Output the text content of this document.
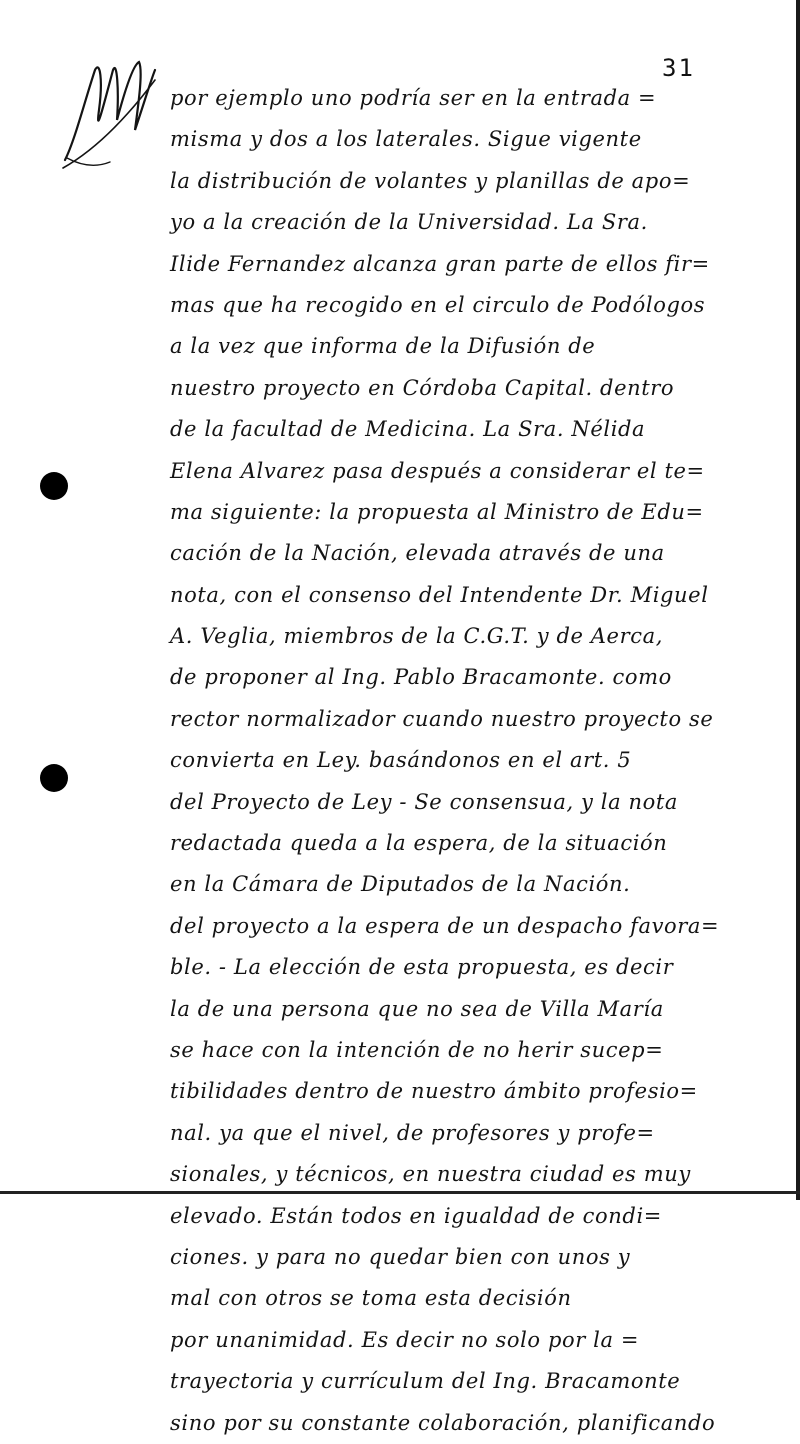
31
por ejemplo uno podría ser en la entrada =
misma y dos a los laterales. Sigue vigente
la distribución de volantes y planillas de apo=
yo a la creación de la Universidad. La Sra.
Ilide Fernandez alcanza gran parte de ellos fir=
mas que ha recogido en el circulo de Podólogos
a la vez que informa de la Difusión de
nuestro proyecto en Córdoba Capital. dentro
de la facultad de Medicina. La Sra. Nélida
Elena Alvarez pasa después a considerar el te=
ma siguiente: la propuesta al Ministro de Edu=
cación de la Nación, elevada através de una
nota, con el consenso del Intendente Dr. Miguel
A. Veglia, miembros de la C.G.T. y de Aerca,
de proponer al Ing. Pablo Bracamonte. como
rector normalizador cuando nuestro proyecto se
convierta en Ley. basándonos en el art. 5
del Proyecto de Ley - Se consensua, y la nota
redactada queda a la espera, de la situación
en la Cámara de Diputados de la Nación.
del proyecto a la espera de un despacho favora=
ble. - La elección de esta propuesta, es decir
la de una persona que no sea de Villa María
se hace con la intención de no herir sucep=
tibilidades dentro de nuestro ámbito profesio=
nal. ya que el nivel, de profesores y profe=
sionales, y técnicos, en nuestra ciudad es muy
elevado. Están todos en igualdad de condi=
ciones. y para no quedar bien con unos y
mal con otros se toma esta decisión
por unanimidad. Es decir no solo por la =
trayectoria y currículum del Ing. Bracamonte
sino por su constante colaboración, planificando
